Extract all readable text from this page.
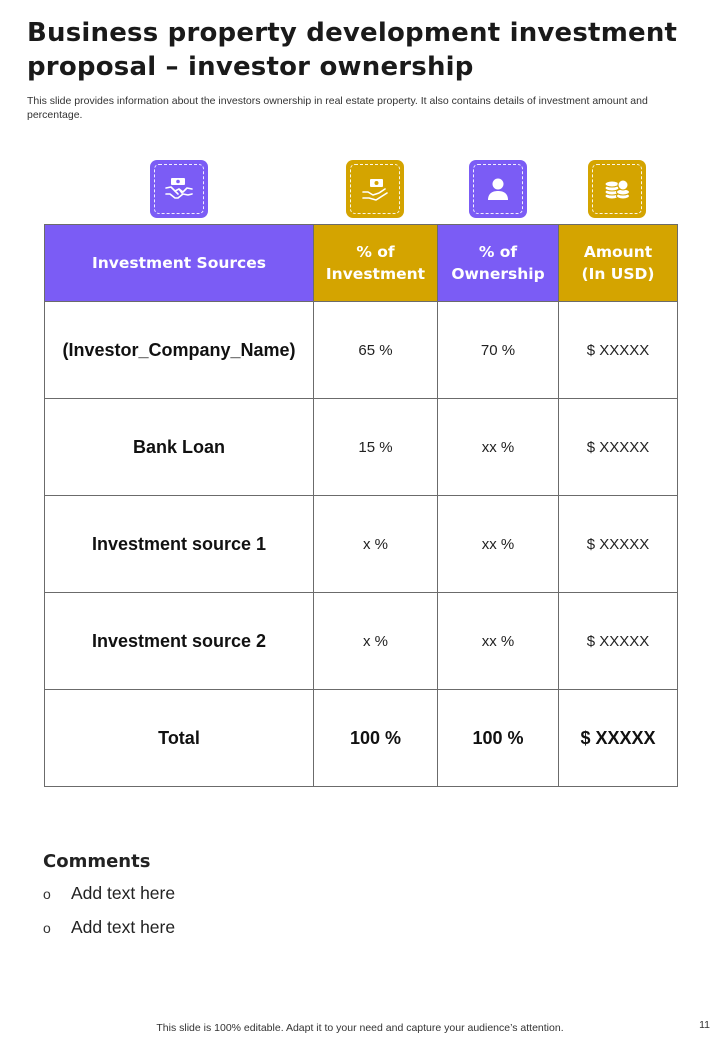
Business property development investment proposal – investor ownership

This slide provides information about the investors ownership in real estate property. It also contains details of investment amount and percentage.

Investment Sources	% of Investment	% of Ownership	Amount (In USD)
(Investor_Company_Name)	65 %	70 %	$ XXXXX
Bank Loan	15 %	xx %	$ XXXXX
Investment source 1	x %	xx %	$ XXXXX
Investment source 2	x %	xx %	$ XXXXX
Total	100 %	100 %	$ XXXXX
Comments
o	Add text here
o	Add text here
This slide is 100% editable. Adapt it to your need and capture your audience’s attention.	11
